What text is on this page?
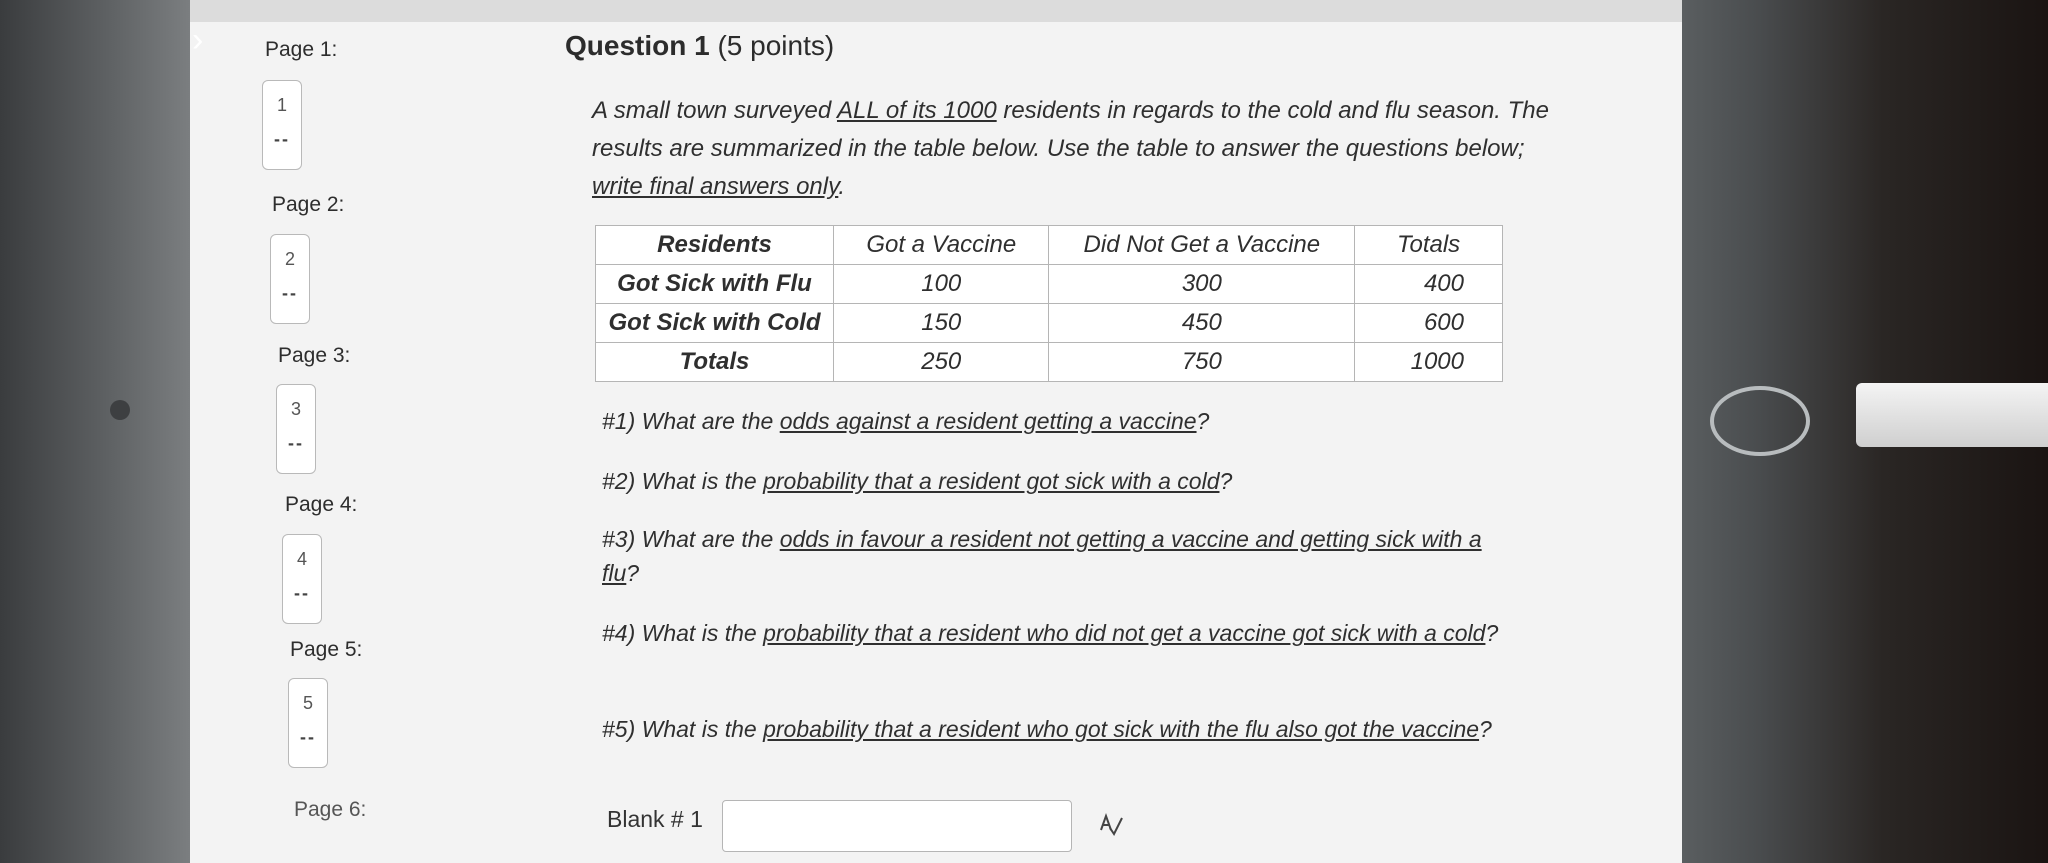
›	Page 1:
1
--
Page 2:
2
--
Page 3:
3
--
Page 4:
4
--
Page 5:
5
--
Page 6:
Question 1 (5 points)
A small town surveyed ALL of its 1000 residents in regards to the cold and flu season. The results are summarized in the table below. Use the table to answer the questions below; write final answers only.
Residents	Got a Vaccine	Did Not Get a Vaccine	Totals
Got Sick with Flu	100	300	400
Got Sick with Cold	150	450	600
Totals	250	750	1000
#1) What are the odds against a resident getting a vaccine?
#2) What is the probability that a resident got sick with a cold?
#3) What are the odds in favour a resident not getting a vaccine and getting sick with a flu?
#4) What is the probability that a resident who did not get a vaccine got sick with a cold?
#5) What is the probability that a resident who got sick with the flu also got the vaccine?
Blank # 1
